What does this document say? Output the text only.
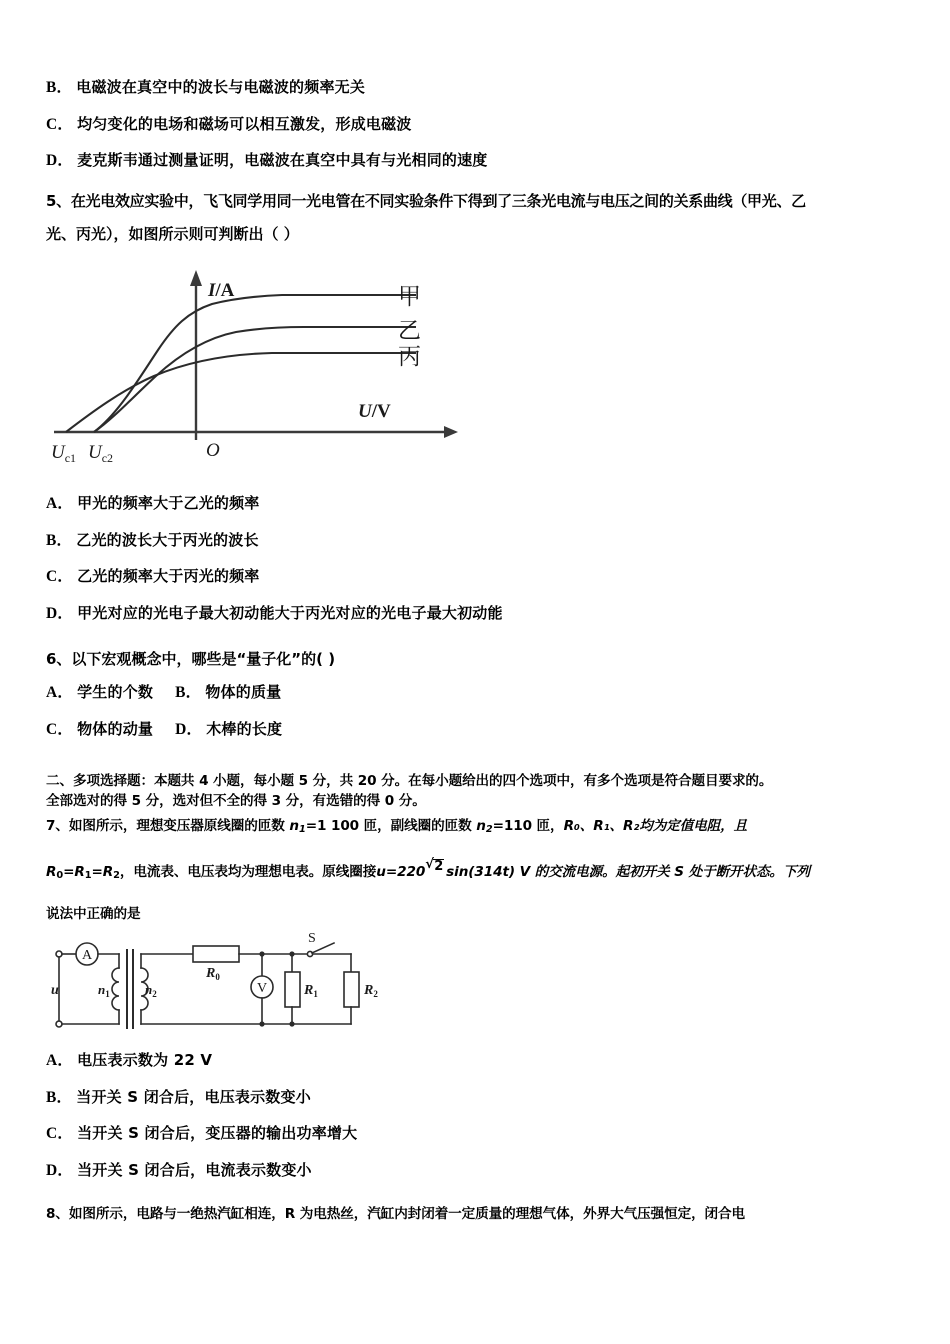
B． 电磁波在真空中的波长与电磁波的频率无关
C． 均匀变化的电场和磁场可以相互激发，形成电磁波
D． 麦克斯韦通过测量证明，电磁波在真空中具有与光相同的速度
5、在光电效应实验中，飞飞同学用同一光电管在不同实验条件下得到了三条光电流与电压之间的关系曲线（甲光、乙
光、丙光），如图所示则可判断出（ ）
I/A
U/V
O
$U_{c1}$ $U_{c2}$
甲
乙
丙
A． 甲光的频率大于乙光的频率
B． 乙光的波长大于丙光的波长
C． 乙光的频率大于丙光的频率
D． 甲光对应的光电子最大初动能大于丙光对应的光电子最大初动能
6、以下宏观概念中，哪些是“量子化”的( )
A． 学生的个数 B． 物体的质量
C． 物体的动量 D． 木棒的长度
二、多项选择题：本题共 4 小题，每小题 5 分，共 20 分。在每小题给出的四个选项中，有多个选项是符合题目要求的。
全部选对的得 5 分，选对但不全的得 3 分，有选错的得 0 分。
7、如图所示，理想变压器原线圈的匝数 n1=1 100 匝，副线圈的匝数 n2=110 匝，R₀、R₁、R₂均为定值电阻，且
R0=R1=R2，电流表、电压表均为理想电表。原线圈接u=220 √ 2 sin(314t) V 的交流电源。起初开关 S 处于断开状态。下列
说法中正确的是
u
A
V
$n_1$	$n_2$
$R_0$
$R_1$	$R_2$
S
A． 电压表示数为 22 V
B． 当开关 S 闭合后，电压表示数变小
C． 当开关 S 闭合后，变压器的输出功率增大
D． 当开关 S 闭合后，电流表示数变小
8、如图所示，电路与一绝热汽缸相连，R 为电热丝，汽缸内封闭着一定质量的理想气体，外界大气压强恒定，闭合电
